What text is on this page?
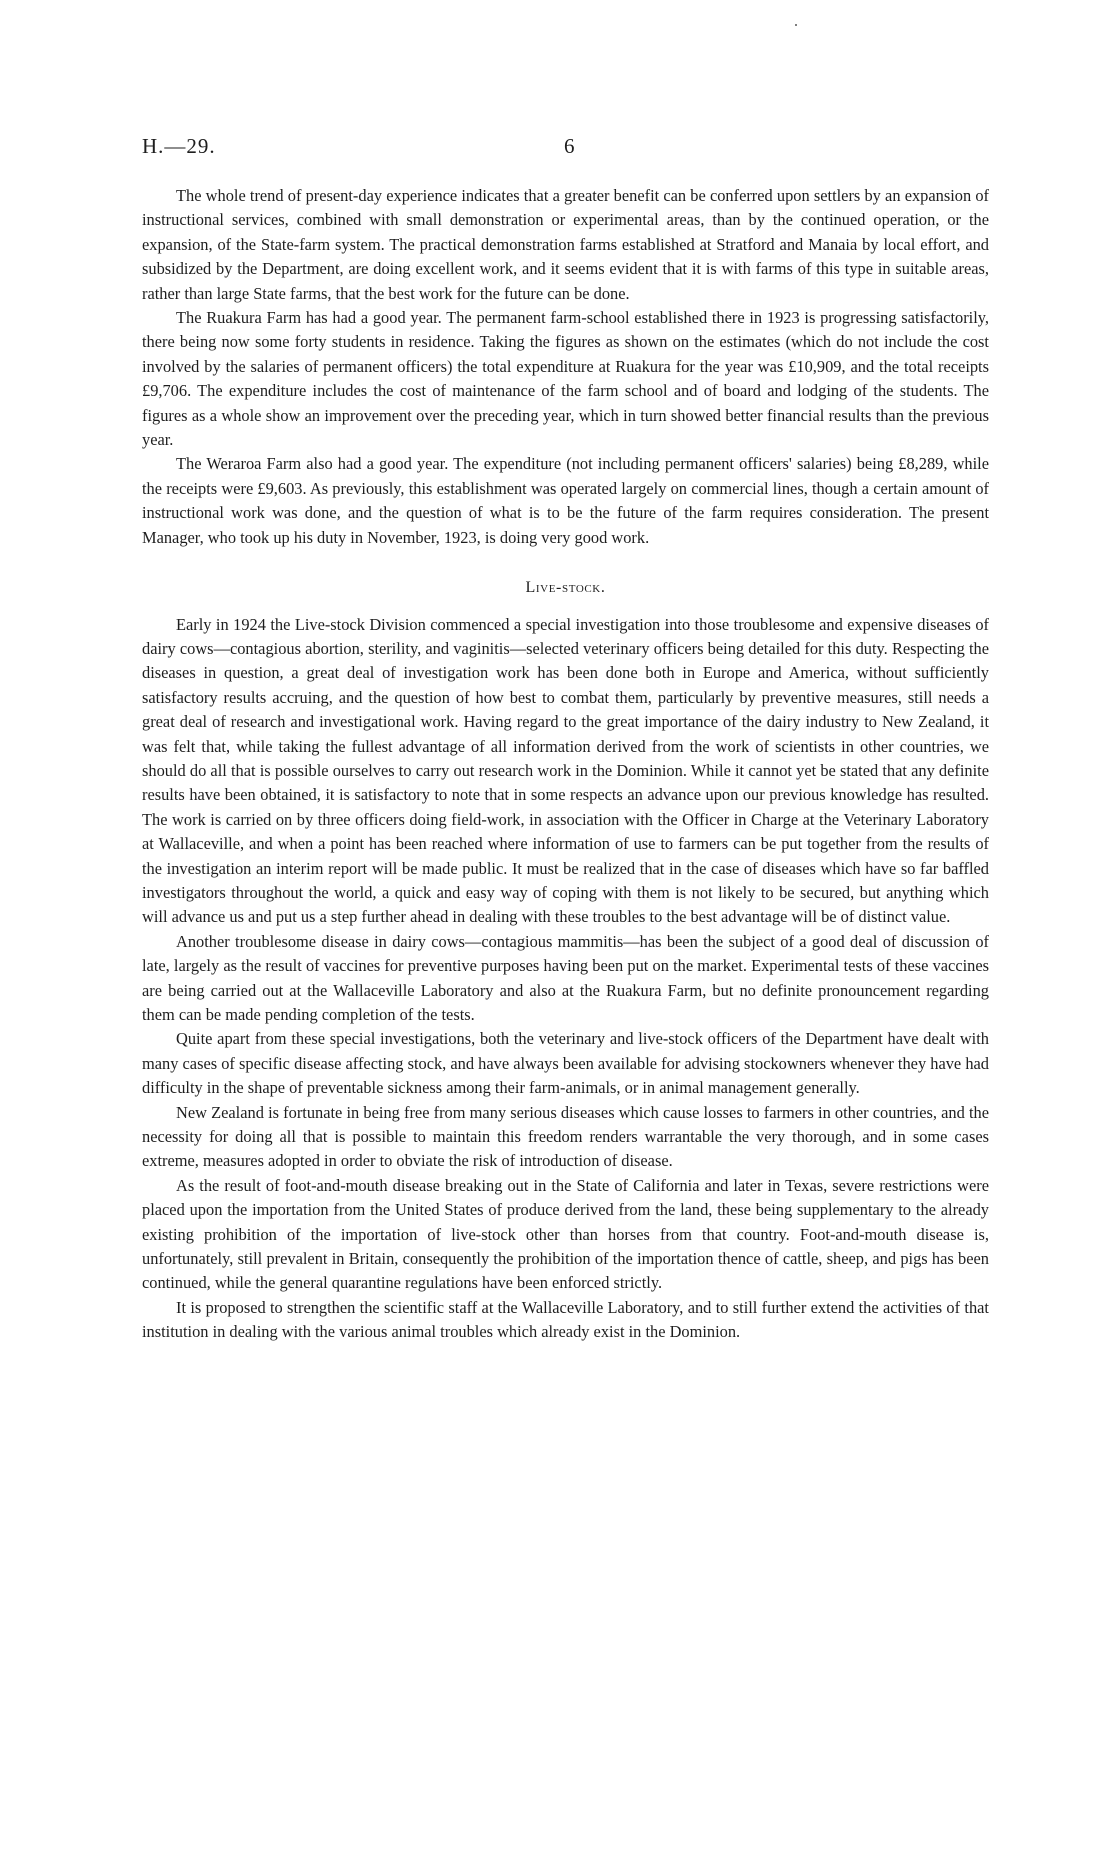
H.—29.	6

The whole trend of present-day experience indicates that a greater benefit can be conferred upon settlers by an expansion of instructional services, combined with small demonstration or experimental areas, than by the continued operation, or the expansion, of the State-farm system. The practical demonstration farms established at Stratford and Manaia by local effort, and subsidized by the Department, are doing excellent work, and it seems evident that it is with farms of this type in suitable areas, rather than large State farms, that the best work for the future can be done.

The Ruakura Farm has had a good year. The permanent farm-school established there in 1923 is progressing satisfactorily, there being now some forty students in residence. Taking the figures as shown on the estimates (which do not include the cost involved by the salaries of permanent officers) the total expenditure at Ruakura for the year was £10,909, and the total receipts £9,706. The expenditure includes the cost of maintenance of the farm school and of board and lodging of the students. The figures as a whole show an improvement over the preceding year, which in turn showed better financial results than the previous year.

The Weraroa Farm also had a good year. The expenditure (not including permanent officers' salaries) being £8,289, while the receipts were £9,603. As previously, this establishment was operated largely on commercial lines, though a certain amount of instructional work was done, and the question of what is to be the future of the farm requires consideration. The present Manager, who took up his duty in November, 1923, is doing very good work.

Live-stock.

Early in 1924 the Live-stock Division commenced a special investigation into those troublesome and expensive diseases of dairy cows—contagious abortion, sterility, and vaginitis—selected veterinary officers being detailed for this duty. Respecting the diseases in question, a great deal of investigation work has been done both in Europe and America, without sufficiently satisfactory results accruing, and the question of how best to combat them, particularly by preventive measures, still needs a great deal of research and investigational work. Having regard to the great importance of the dairy industry to New Zealand, it was felt that, while taking the fullest advantage of all information derived from the work of scientists in other countries, we should do all that is possible ourselves to carry out research work in the Dominion. While it cannot yet be stated that any definite results have been obtained, it is satisfactory to note that in some respects an advance upon our previous knowledge has resulted. The work is carried on by three officers doing field-work, in association with the Officer in Charge at the Veterinary Laboratory at Wallaceville, and when a point has been reached where information of use to farmers can be put together from the results of the investigation an interim report will be made public. It must be realized that in the case of diseases which have so far baffled investigators throughout the world, a quick and easy way of coping with them is not likely to be secured, but anything which will advance us and put us a step further ahead in dealing with these troubles to the best advantage will be of distinct value.

Another troublesome disease in dairy cows—contagious mammitis—has been the subject of a good deal of discussion of late, largely as the result of vaccines for preventive purposes having been put on the market. Experimental tests of these vaccines are being carried out at the Wallaceville Laboratory and also at the Ruakura Farm, but no definite pronouncement regarding them can be made pending completion of the tests.

Quite apart from these special investigations, both the veterinary and live-stock officers of the Department have dealt with many cases of specific disease affecting stock, and have always been available for advising stockowners whenever they have had difficulty in the shape of preventable sickness among their farm-animals, or in animal management generally.

New Zealand is fortunate in being free from many serious diseases which cause losses to farmers in other countries, and the necessity for doing all that is possible to maintain this freedom renders warrantable the very thorough, and in some cases extreme, measures adopted in order to obviate the risk of introduction of disease.

As the result of foot-and-mouth disease breaking out in the State of California and later in Texas, severe restrictions were placed upon the importation from the United States of produce derived from the land, these being supplementary to the already existing prohibition of the importation of live-stock other than horses from that country. Foot-and-mouth disease is, unfortunately, still prevalent in Britain, consequently the prohibition of the importation thence of cattle, sheep, and pigs has been continued, while the general quarantine regulations have been enforced strictly.

It is proposed to strengthen the scientific staff at the Wallaceville Laboratory, and to still further extend the activities of that institution in dealing with the various animal troubles which already exist in the Dominion.
